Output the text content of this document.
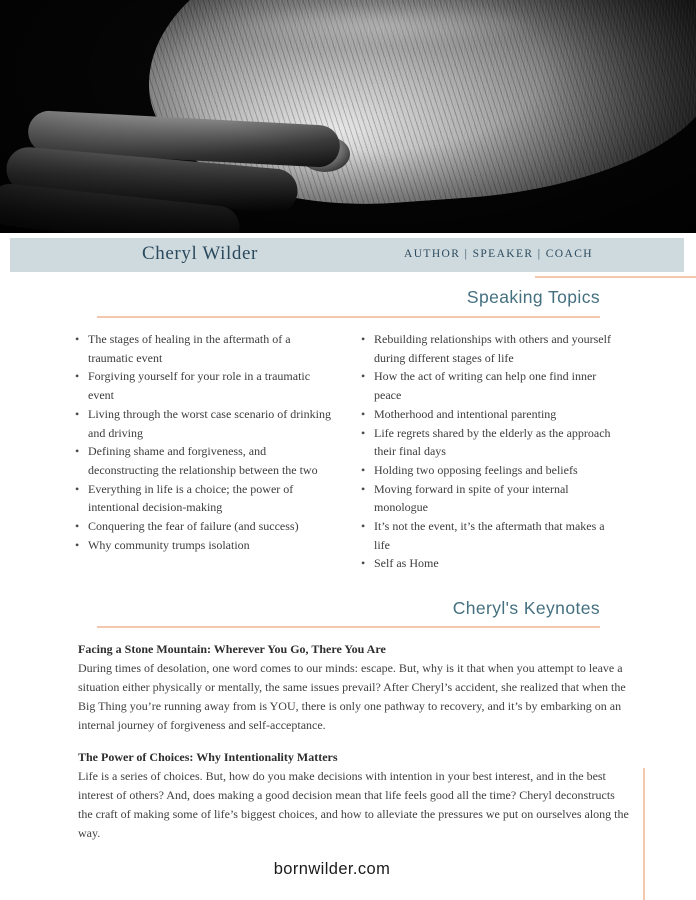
Cheryl Wilder	AUTHOR | SPEAKER | COACH
Speaking Topics
• The stages of healing in the aftermath of a traumatic event
• Forgiving yourself for your role in a traumatic event
• Living through the worst case scenario of drinking and driving
• Defining shame and forgiveness, and deconstructing the relationship between the two
• Everything in life is a choice; the power of intentional decision-making
• Conquering the fear of failure (and success)
• Why community trumps isolation
• Rebuilding relationships with others and yourself during different stages of life
• How the act of writing can help one find inner peace
• Motherhood and intentional parenting
• Life regrets shared by the elderly as the approach their final days
• Holding two opposing feelings and beliefs
• Moving forward in spite of your internal monologue
• It’s not the event, it’s the aftermath that makes a life
• Self as Home
Cheryl's Keynotes
Facing a Stone Mountain: Wherever You Go, There You Are
During times of desolation, one word comes to our minds: escape. But, why is it that when you attempt to leave a situation either physically or mentally, the same issues prevail? After Cheryl’s accident, she realized that when the Big Thing you’re running away from is YOU, there is only one pathway to recovery, and it’s by embarking on an internal journey of forgiveness and self-acceptance.
The Power of Choices: Why Intentionality Matters
Life is a series of choices. But, how do you make decisions with intention in your best interest, and in the best interest of others? And, does making a good decision mean that life feels good all the time? Cheryl deconstructs the craft of making some of life’s biggest choices, and how to alleviate the pressures we put on ourselves along the way.
bornwilder.com
